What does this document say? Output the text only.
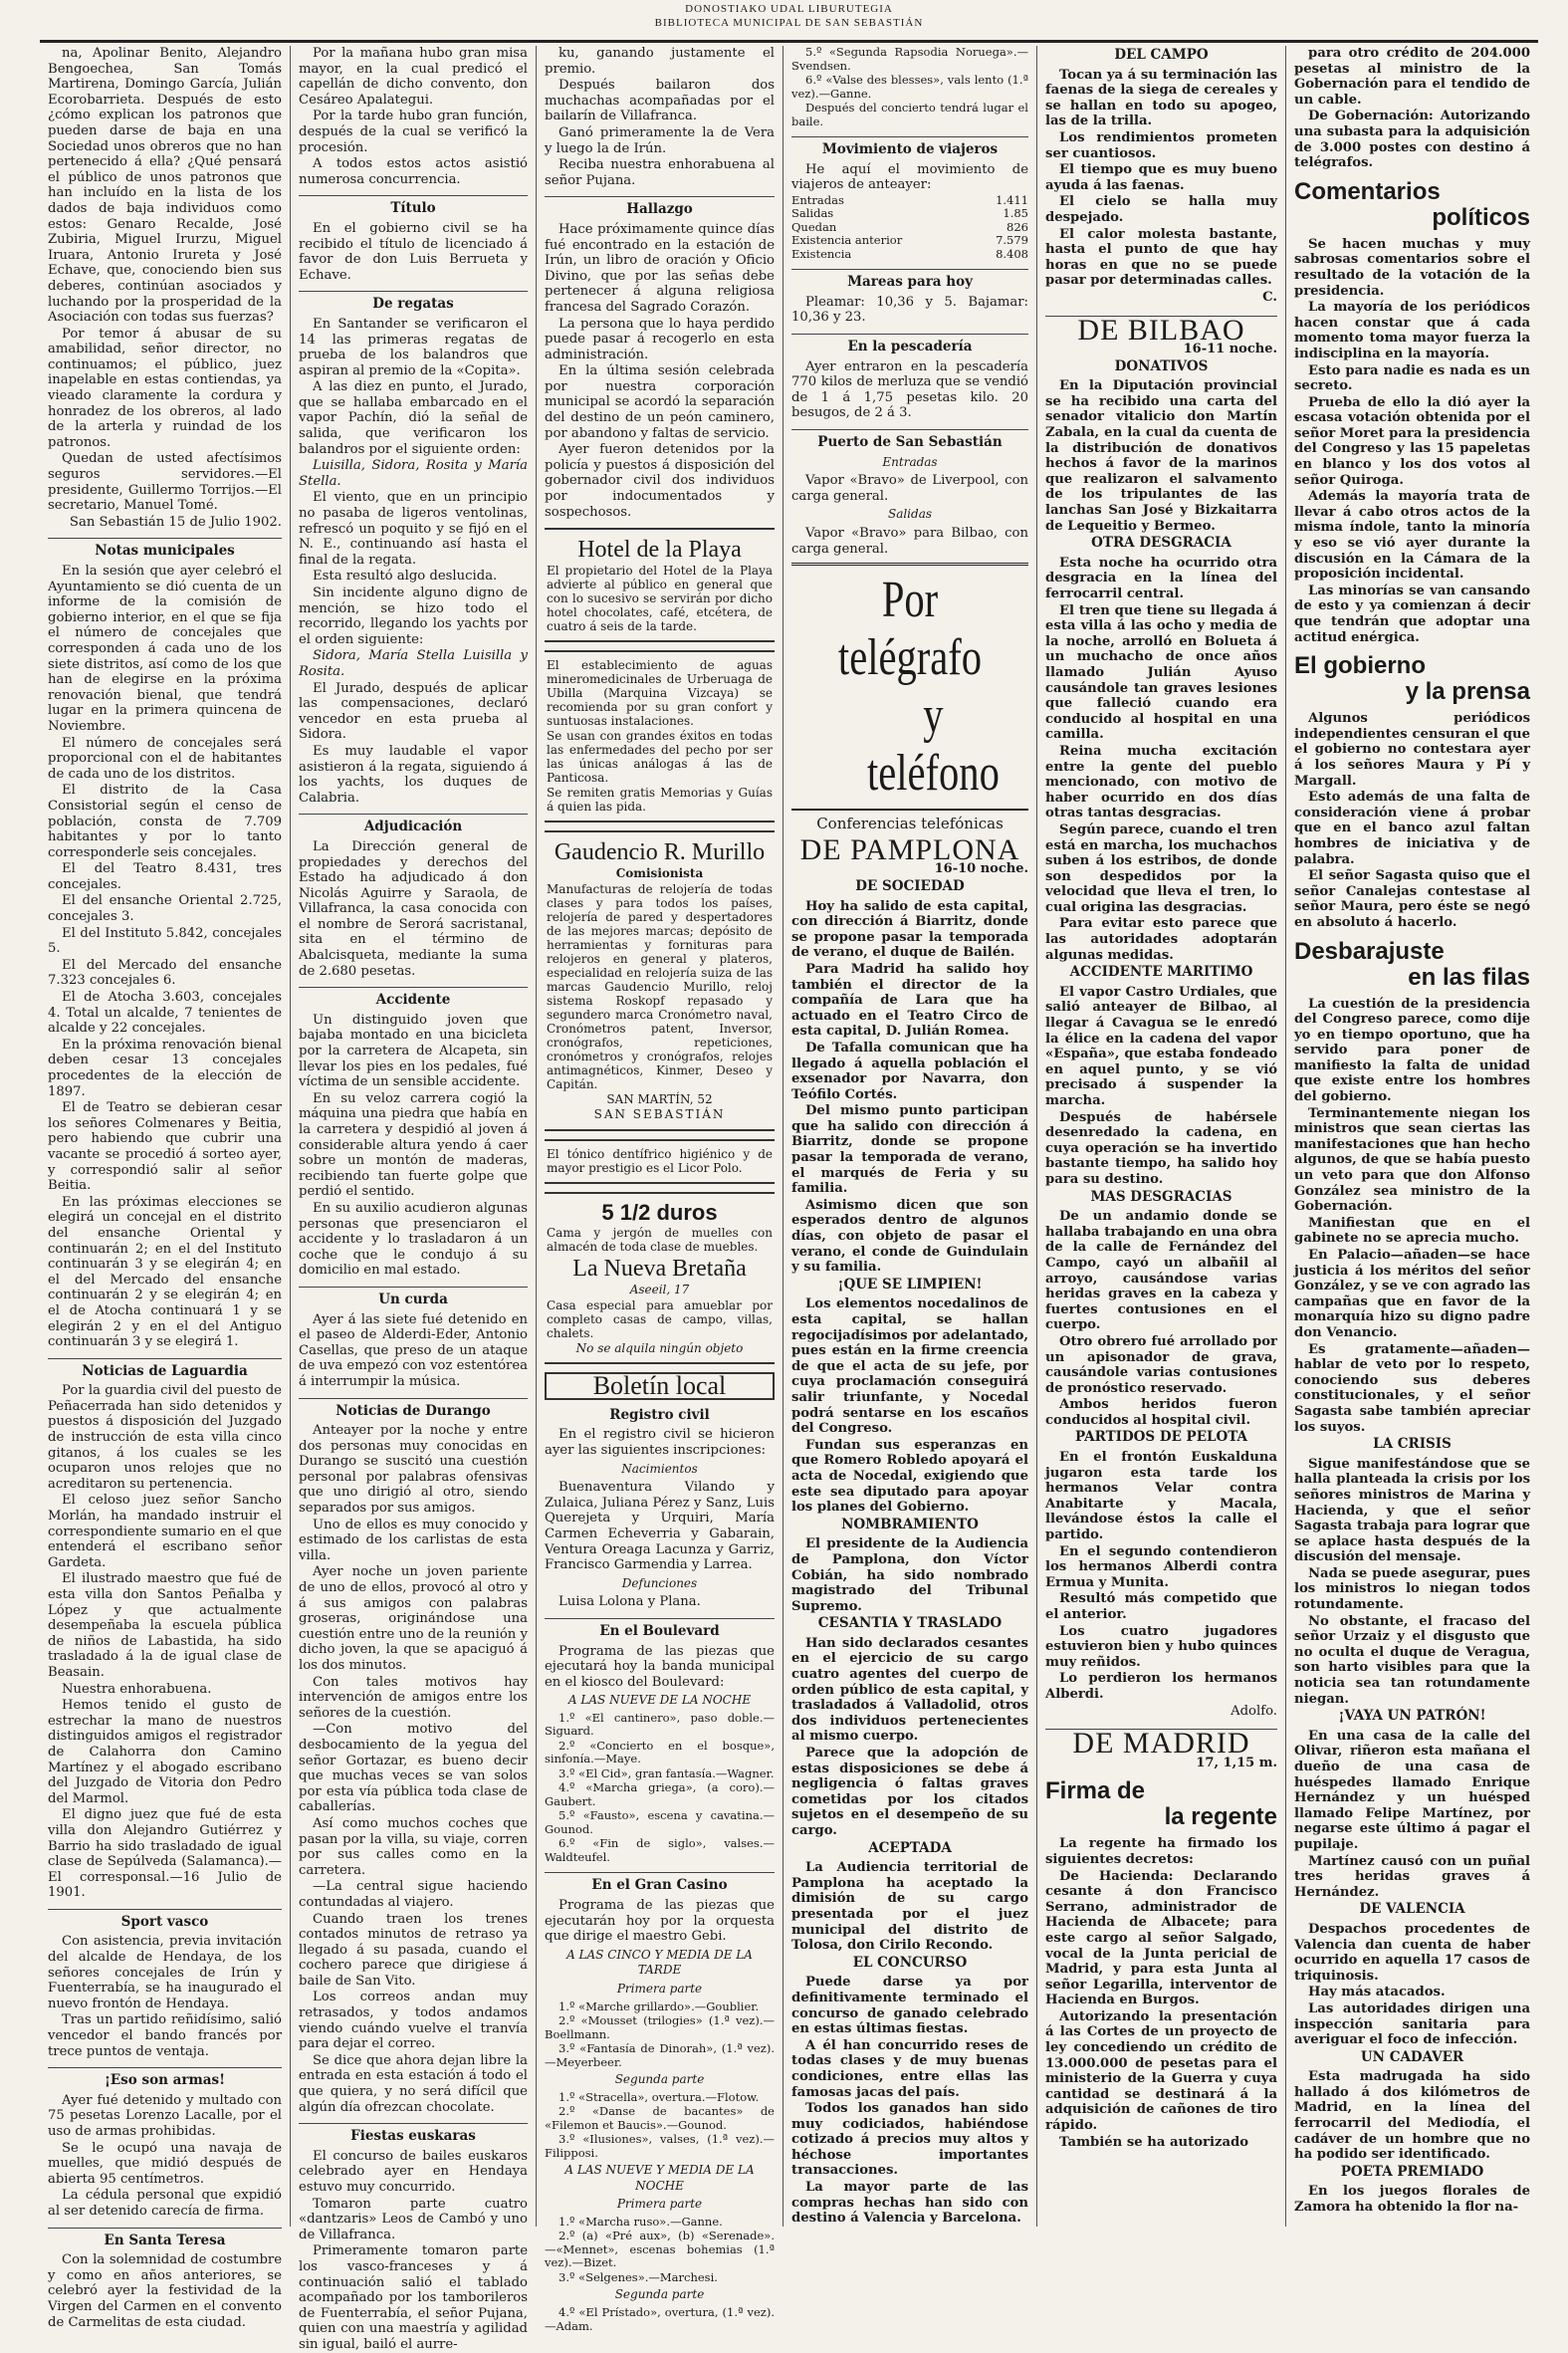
DONOSTIAKO UDAL LIBURUTEGIA
BIBLIOTECA MUNICIPAL DE SAN SEBASTIÁN

na, Apolinar Benito, Alejandro Bengoechea, San Tomás Martirena, Domingo García, Julián Ecorobarrieta. Después de esto ¿cómo explican los patronos que pueden darse de baja en una Sociedad unos obreros que no han pertenecido á ella? ¿Qué pensará el público de unos patronos que han incluído en la lista de los dados de baja individuos como estos: Genaro Recalde, José Zubiria, Miguel Irurzu, Miguel Iruara, Antonio Irureta y José Echave, que, conociendo bien sus deberes, continúan asociados y luchando por la prosperidad de la Asociación con todas sus fuerzas?

Por temor á abusar de su amabilidad, señor director, no continuamos; el público, juez inapelable en estas contiendas, ya vieado claramente la cordura y honradez de los obreros, al lado de la arterla y ruindad de los patronos.

Quedan de usted afectísimos seguros servidores.—El presidente, Guillermo Torrijos.—El secretario, Manuel Tomé.

San Sebastián 15 de Julio 1902.

Notas municipales

En la sesión que ayer celebró el Ayuntamiento se dió cuenta de un informe de la comisión de gobierno interior, en el que se fija el número de concejales que corresponden á cada uno de los siete distritos, así como de los que han de elegirse en la próxima renovación bienal, que tendrá lugar en la primera quincena de Noviembre.

El número de concejales será proporcional con el de habitantes de cada uno de los distritos.

El distrito de la Casa Consistorial según el censo de población, consta de 7.709 habitantes y por lo tanto corresponderle seis concejales.

El del Teatro 8.431, tres concejales.

El del ensanche Oriental 2.725, concejales 3.

El del Instituto 5.842, concejales 5.

El del Mercado del ensanche 7.323 concejales 6.

El de Atocha 3.603, concejales 4. Total un alcalde, 7 tenientes de alcalde y 22 concejales.

En la próxima renovación bienal deben cesar 13 concejales procedentes de la elección de 1897.

El de Teatro se debieran cesar los señores Colmenares y Beitia, pero habiendo que cubrir una vacante se procedió á sorteo ayer, y correspondió salir al señor Beitia.

En las próximas elecciones se elegirá un concejal en el distrito del ensanche Oriental y continuarán 2; en el del Instituto continuarán 3 y se elegirán 4; en el del Mercado del ensanche continuarán 2 y se elegirán 4; en el de Atocha continuará 1 y se elegirán 2 y en el del Antiguo continuarán 3 y se elegirá 1.

Noticias de Laguardia

Por la guardia civil del puesto de Peñacerrada han sido detenidos y puestos á disposición del Juzgado de instrucción de esta villa cinco gitanos, á los cuales se les ocuparon unos relojes que no acreditaron su pertenencia.

El celoso juez señor Sancho Morlán, ha mandado instruir el correspondiente sumario en el que entenderá el escribano señor Gardeta.

El ilustrado maestro que fué de esta villa don Santos Peñalba y López y que actualmente desempeñaba la escuela pública de niños de Labastida, ha sido trasladado á la de igual clase de Beasain.

Nuestra enhorabuena.

Hemos tenido el gusto de estrechar la mano de nuestros distinguidos amigos el registrador de Calahorra don Camino Martínez y el abogado escribano del Juzgado de Vitoria don Pedro del Marmol.

El digno juez que fué de esta villa don Alejandro Gutiérrez y Barrio ha sido trasladado de igual clase de Sepúlveda (Salamanca).—El corresponsal.—16 Julio de 1901.

Sport vasco

Con asistencia, previa invitación del alcalde de Hendaya, de los señores concejales de Irún y Fuenterrabía, se ha inaugurado el nuevo frontón de Hendaya.

Tras un partido reñidísimo, salió vencedor el bando francés por trece puntos de ventaja.

¡Eso son armas!

Ayer fué detenido y multado con 75 pesetas Lorenzo Lacalle, por el uso de armas prohibidas.

Se le ocupó una navaja de muelles, que midió después de abierta 95 centímetros.

La cédula personal que expidió al ser detenido carecía de firma.

En Santa Teresa

Con la solemnidad de costumbre y como en años anteriores, se celebró ayer la festividad de la Virgen del Carmen en el convento de Carmelitas de esta ciudad.

Por la mañana hubo gran misa mayor, en la cual predicó el capellán de dicho convento, don Cesáreo Apalategui.

Por la tarde hubo gran función, después de la cual se verificó la procesión.

A todos estos actos asistió numerosa concurrencia.

Título

En el gobierno civil se ha recibido el título de licenciado á favor de don Luis Berrueta y Echave.

De regatas

En Santander se verificaron el 14 las primeras regatas de prueba de los balandros que aspiran al premio de la «Copita».

A las diez en punto, el Jurado, que se hallaba embarcado en el vapor Pachín, dió la señal de salida, que verificaron los balandros por el siguiente orden:

Luisilla, Sidora, Rosita y María Stella.

El viento, que en un principio no pasaba de ligeros ventolinas, refrescó un poquito y se fijó en el N. E., continuando así hasta el final de la regata.

Esta resultó algo deslucida.

Sin incidente alguno digno de mención, se hizo todo el recorrido, llegando los yachts por el orden siguiente:

Sidora, María Stella Luisilla y Rosita.

El Jurado, después de aplicar las compensaciones, declaró vencedor en esta prueba al Sidora.

Es muy laudable el vapor asistieron á la regata, siguiendo á los yachts, los duques de Calabria.

Adjudicación

La Dirección general de propiedades y derechos del Estado ha adjudicado á don Nicolás Aguirre y Saraola, de Villafranca, la casa conocida con el nombre de Serorá sacristanal, sita en el término de Abalcisqueta, mediante la suma de 2.680 pesetas.

Accidente

Un distinguido joven que bajaba montado en una bicicleta por la carretera de Alcapeta, sin llevar los pies en los pedales, fué víctima de un sensible accidente.

En su veloz carrera cogió la máquina una piedra que había en la carretera y despidió al joven á considerable altura yendo á caer sobre un montón de maderas, recibiendo tan fuerte golpe que perdió el sentido.

En su auxilio acudieron algunas personas que presenciaron el accidente y lo trasladaron á un coche que le condujo á su domicilio en mal estado.

Un curda

Ayer á las siete fué detenido en el paseo de Alderdi-Eder, Antonio Casellas, que preso de un ataque de uva empezó con voz estentórea á interrumpir la música.

Noticias de Durango

Anteayer por la noche y entre dos personas muy conocidas en Durango se suscitó una cuestión personal por palabras ofensivas que uno dirigió al otro, siendo separados por sus amigos.

Uno de ellos es muy conocido y estimado de los carlistas de esta villa.

Ayer noche un joven pariente de uno de ellos, provocó al otro y á sus amigos con palabras groseras, originándose una cuestión entre uno de la reunión y dicho joven, la que se apaciguó á los dos minutos.

Con tales motivos hay intervención de amigos entre los señores de la cuestión.

—Con motivo del desbocamiento de la yegua del señor Gortazar, es bueno decir que muchas veces se van solos por esta vía pública toda clase de caballerías.

Así como muchos coches que pasan por la villa, su viaje, corren por sus calles como en la carretera.

—La central sigue haciendo contundadas al viajero.

Cuando traen los trenes contados minutos de retraso ya llegado á su pasada, cuando el cochero parece que dirigiese á baile de San Vito.

Los correos andan muy retrasados, y todos andamos viendo cuándo vuelve el tranvía para dejar el correo.

Se dice que ahora dejan libre la entrada en esta estación á todo el que quiera, y no será difícil que algún día ofrezcan chocolate.

Fiestas euskaras

El concurso de bailes euskaros celebrado ayer en Hendaya estuvo muy concurrido.

Tomaron parte cuatro «dantzaris» Leos de Cambó y uno de Villafranca.

Primeramente tomaron parte los vasco-franceses y á continuación salió el tablado acompañado por los tamborileros de Fuenterrabía, el señor Pujana, quien con una maestría y agilidad sin igual, bailó el aurre-

ku, ganando justamente el premio.

Después bailaron dos muchachas acompañadas por el bailarín de Villafranca.

Ganó primeramente la de Vera y luego la de Irún.

Reciba nuestra enhorabuena al señor Pujana.

Hallazgo

Hace próximamente quince días fué encontrado en la estación de Irún, un libro de oración y Oficio Divino, que por las señas debe pertenecer á alguna religiosa francesa del Sagrado Corazón.

La persona que lo haya perdido puede pasar á recogerlo en esta administración.

En la última sesión celebrada por nuestra corporación municipal se acordó la separación del destino de un peón caminero, por abandono y faltas de servicio.

Ayer fueron detenidos por la policía y puestos á disposición del gobernador civil dos individuos por indocumentados y sospechosos.

Hotel de la Playa

El propietario del Hotel de la Playa advierte al público en general que con lo sucesivo se servirán por dicho hotel chocolates, café, etcétera, de cuatro á seis de la tarde.

El establecimiento de aguas mineromedicinales de Urberuaga de Ubilla (Marquina Vizcaya) se recomienda por su gran confort y suntuosas instalaciones.

Se usan con grandes éxitos en todas las enfermedades del pecho por ser las únicas análogas á las de Panticosa.

Se remiten gratis Memorias y Guías á quien las pida.

Gaudencio R. Murillo
Comisionista

Manufacturas de relojería de todas clases y para todos los países, relojería de pared y despertadores de las mejores marcas; depósito de herramientas y fornituras para relojeros en general y plateros, especialidad en relojería suiza de las marcas Gaudencio Murillo, reloj sistema Roskopf repasado y segundero marca Cronómetro naval, Cronómetros patent, Inversor, cronógrafos, repeticiones, cronómetros y cronógrafos, relojes antimagnéticos, Kinmer, Deseo y Capitán.

SAN MARTÍN, 52
SAN SEBASTIÁN

El tónico dentífrico higiénico y de mayor prestigio es el Licor Polo.

5 1/2 duros

Cama y jergón de muelles con almacén de toda clase de muebles.

La Nueva Bretaña
Aseeil, 17

Casa especial para amueblar por completo casas de campo, villas, chalets.

No se alquila ningún objeto
Boletín local
Registro civil

En el registro civil se hicieron ayer las siguientes inscripciones:

Nacimientos

Buenaventura Vilando y Zulaica, Juliana Pérez y Sanz, Luis Querejeta y Urquiri, María Carmen Echeverria y Gabarain, Ventura Oreaga Lacunza y Garriz, Francisco Garmendia y Larrea.

Defunciones

Luisa Lolona y Plana.

En el Boulevard

Programa de las piezas que ejecutará hoy la banda municipal en el kiosco del Boulevard:

A LAS NUEVE DE LA NOCHE

1.º «El cantinero», paso doble.—Siguard.

2.º «Concierto en el bosque», sinfonía.—Maye.

3.º «El Cid», gran fantasía.—Wagner.

4.º «Marcha griega», (a coro).—Gaubert.

5.º «Fausto», escena y cavatina.—Gounod.

6.º «Fin de siglo», valses.—Waldteufel.

En el Gran Casino

Programa de las piezas que ejecutarán hoy por la orquesta que dirige el maestro Gebi.

A LAS CINCO Y MEDIA DE LA TARDE
Primera parte

1.º «Marche grillardo».—Goublier.

2.º «Mousset (trilogies» (1.ª vez).—Boellmann.

3.º «Fantasía de Dinorah», (1.ª vez).—Meyerbeer.

Segunda parte

1.º «Stracella», overtura.—Flotow.

2.º «Danse de bacantes» de «Filemon et Baucis».—Gounod.

3.º «Ilusiones», valses, (1.ª vez).—Filipposi.

A LAS NUEVE Y MEDIA DE LA NOCHE
Primera parte

1.º «Marcha ruso».—Ganne.

2.º (a) «Pré aux», (b) «Serenade».—«Mennet», escenas bohemias (1.ª vez).—Bizet.

3.º «Selgenes».—Marchesi.

Segunda parte

4.º «El Prístado», overtura, (1.ª vez).—Adam.

5.º «Segunda Rapsodia Noruega».—Svendsen.

6.º «Valse des blesses», vals lento (1.ª vez).—Ganne.

Después del concierto tendrá lugar el baile.

Movimiento de viajeros

He aquí el movimiento de viajeros de anteayer:

Entradas	1.411
Salidas	1.85
Quedan	826
Existencia anterior	7.579
Existencia	8.408
Mareas para hoy

Pleamar: 10,36 y 5. Bajamar: 10,36 y 23.

En la pescadería

Ayer entraron en la pescadería 770 kilos de merluza que se vendió de 1 á 1,75 pesetas kilo. 20 besugos, de 2 á 3.

Puerto de San Sebastián
Entradas

Vapor «Bravo» de Liverpool, con carga general.

Salidas

Vapor «Bravo» para Bilbao, con carga general.

Por telégrafo
y teléfono
Conferencias telefónicas
DE PAMPLONA
16-10 noche.
DE SOCIEDAD

Hoy ha salido de esta capital, con dirección á Biarritz, donde se propone pasar la temporada de verano, el duque de Bailén.

Para Madrid ha salido hoy también el director de la compañía de Lara que ha actuado en el Teatro Circo de esta capital, D. Julián Romea.

De Tafalla comunican que ha llegado á aquella población el exsenador por Navarra, don Teófilo Cortés.

Del mismo punto participan que ha salido con dirección á Biarritz, donde se propone pasar la temporada de verano, el marqués de Feria y su familia.

Asimismo dicen que son esperados dentro de algunos días, con objeto de pasar el verano, el conde de Guindulain y su familia.

¡QUE SE LIMPIEN!

Los elementos nocedalinos de esta capital, se hallan regocijadísimos por adelantado, pues están en la firme creencia de que el acta de su jefe, por cuya proclamación conseguirá salir triunfante, y Nocedal podrá sentarse en los escaños del Congreso.

Fundan sus esperanzas en que Romero Robledo apoyará el acta de Nocedal, exigiendo que este sea diputado para apoyar los planes del Gobierno.

NOMBRAMIENTO

El presidente de la Audiencia de Pamplona, don Víctor Cobián, ha sido nombrado magistrado del Tribunal Supremo.

CESANTIA Y TRASLADO

Han sido declarados cesantes en el ejercicio de su cargo cuatro agentes del cuerpo de orden público de esta capital, y trasladados á Valladolid, otros dos individuos pertenecientes al mismo cuerpo.

Parece que la adopción de estas disposiciones se debe á negligencia ó faltas graves cometidas por los citados sujetos en el desempeño de su cargo.

ACEPTADA

La Audiencia territorial de Pamplona ha aceptado la dimisión de su cargo presentada por el juez municipal del distrito de Tolosa, don Cirilo Recondo.

EL CONCURSO

Puede darse ya por definitivamente terminado el concurso de ganado celebrado en estas últimas fiestas.

A él han concurrido reses de todas clases y de muy buenas condiciones, entre ellas las famosas jacas del país.

Todos los ganados han sido muy codiciados, habiéndose cotizado á precios muy altos y héchose importantes transacciones.

La mayor parte de las compras hechas han sido con destino á Valencia y Barcelona.

DEL CAMPO

Tocan ya á su terminación las faenas de la siega de cereales y se hallan en todo su apogeo, las de la trilla.

Los rendimientos prometen ser cuantiosos.

El tiempo que es muy bueno ayuda á las faenas.

El cielo se halla muy despejado.

El calor molesta bastante, hasta el punto de que hay horas en que no se puede pasar por determinadas calles.

C.

DE BILBAO
16-11 noche.
DONATIVOS

En la Diputación provincial se ha recibido una carta del senador vitalicio don Martín Zabala, en la cual da cuenta de la distribución de donativos hechos á favor de la marinos que realizaron el salvamento de los tripulantes de las lanchas San José y Bizkaitarra de Lequeitio y Bermeo.

OTRA DESGRACIA

Esta noche ha ocurrido otra desgracia en la línea del ferrocarril central.

El tren que tiene su llegada á esta villa á las ocho y media de la noche, arrolló en Bolueta á un muchacho de once años llamado Julián Ayuso causándole tan graves lesiones que falleció cuando era conducido al hospital en una camilla.

Reina mucha excitación entre la gente del pueblo mencionado, con motivo de haber ocurrido en dos días otras tantas desgracias.

Según parece, cuando el tren está en marcha, los muchachos suben á los estribos, de donde son despedidos por la velocidad que lleva el tren, lo cual origina las desgracias.

Para evitar esto parece que las autoridades adoptarán algunas medidas.

ACCIDENTE MARITIMO

El vapor Castro Urdiales, que salió anteayer de Bilbao, al llegar á Cavagua se le enredó la élice en la cadena del vapor «España», que estaba fondeado en aquel punto, y se vió precisado á suspender la marcha.

Después de habérsele desenredado la cadena, en cuya operación se ha invertido bastante tiempo, ha salido hoy para su destino.

MAS DESGRACIAS

De un andamio donde se hallaba trabajando en una obra de la calle de Fernández del Campo, cayó un albañil al arroyo, causándose varias heridas graves en la cabeza y fuertes contusiones en el cuerpo.

Otro obrero fué arrollado por un apisonador de grava, causándole varias contusiones de pronóstico reservado.

Ambos heridos fueron conducidos al hospital civil.

PARTIDOS DE PELOTA

En el frontón Euskalduna jugaron esta tarde los hermanos Velar contra Anabitarte y Macala, llevándose éstos la calle el partido.

En el segundo contendieron los hermanos Alberdi contra Ermua y Munita.

Resultó más competido que el anterior.

Los cuatro jugadores estuvieron bien y hubo quinces muy reñidos.

Lo perdieron los hermanos Alberdi.

Adolfo.

DE MADRID
17, 1,15 m.
Firma de
la regente

La regente ha firmado los siguientes decretos:

De Hacienda: Declarando cesante á don Francisco Serrano, administrador de Hacienda de Albacete; para este cargo al señor Salgado, vocal de la Junta pericial de Madrid, y para esta Junta al señor Legarilla, interventor de Hacienda en Burgos.

Autorizando la presentación á las Cortes de un proyecto de ley concediendo un crédito de 13.000.000 de pesetas para el ministerio de la Guerra y cuya cantidad se destinará á la adquisición de cañones de tiro rápido.

También se ha autorizado

para otro crédito de 204.000 pesetas al ministro de la Gobernación para el tendido de un cable.

De Gobernación: Autorizando una subasta para la adquisición de 3.000 postes con destino á telégrafos.

Comentarios
políticos

Se hacen muchas y muy sabrosas comentarios sobre el resultado de la votación de la presidencia.

La mayoría de los periódicos hacen constar que á cada momento toma mayor fuerza la indisciplina en la mayoría.

Esto para nadie es nada es un secreto.

Prueba de ello la dió ayer la escasa votación obtenida por el señor Moret para la presidencia del Congreso y las 15 papeletas en blanco y los dos votos al señor Quiroga.

Además la mayoría trata de llevar á cabo otros actos de la misma índole, tanto la minoría y eso se vió ayer durante la discusión en la Cámara de la proposición incidental.

Las minorías se van cansando de esto y ya comienzan á decir que tendrán que adoptar una actitud enérgica.

El gobierno
y la prensa

Algunos periódicos independientes censuran el que el gobierno no contestara ayer á los señores Maura y Pí y Margall.

Esto además de una falta de consideración viene á probar que en el banco azul faltan hombres de iniciativa y de palabra.

El señor Sagasta quiso que el señor Canalejas contestase al señor Maura, pero éste se negó en absoluto á hacerlo.

Desbarajuste
en las filas

La cuestión de la presidencia del Congreso parece, como dije yo en tiempo oportuno, que ha servido para poner de manifiesto la falta de unidad que existe entre los hombres del gobierno.

Terminantemente niegan los ministros que sean ciertas las manifestaciones que han hecho algunos, de que se había puesto un veto para que don Alfonso González sea ministro de la Gobernación.

Manifiestan que en el gabinete no se aprecia mucho.

En Palacio—añaden—se hace justicia á los méritos del señor González, y se ve con agrado las campañas que en favor de la monarquía hizo su digno padre don Venancio.

Es gratamente—añaden—hablar de veto por lo respeto, conociendo sus deberes constitucionales, y el señor Sagasta sabe también apreciar los suyos.

LA CRISIS

Sigue manifestándose que se halla planteada la crisis por los señores ministros de Marina y Hacienda, y que el señor Sagasta trabaja para lograr que se aplace hasta después de la discusión del mensaje.

Nada se puede asegurar, pues los ministros lo niegan todos rotundamente.

No obstante, el fracaso del señor Urzaiz y el disgusto que no oculta el duque de Veragua, son harto visibles para que la noticia sea tan rotundamente niegan.

¡VAYA UN PATRÓN!

En una casa de la calle del Olivar, riñeron esta mañana el dueño de una casa de huéspedes llamado Enrique Hernández y un huésped llamado Felipe Martínez, por negarse este último á pagar el pupilaje.

Martínez causó con un puñal tres heridas graves á Hernández.

DE VALENCIA

Despachos procedentes de Valencia dan cuenta de haber ocurrido en aquella 17 casos de triquinosis.

Hay más atacados.

Las autoridades dirigen una inspección sanitaria para averiguar el foco de infección.

UN CADAVER

Esta madrugada ha sido hallado á dos kilómetros de Madrid, en la línea del ferrocarril del Mediodía, el cadáver de un hombre que no ha podido ser identificado.

POETA PREMIADO

En los juegos florales de Zamora ha obtenido la flor na-
